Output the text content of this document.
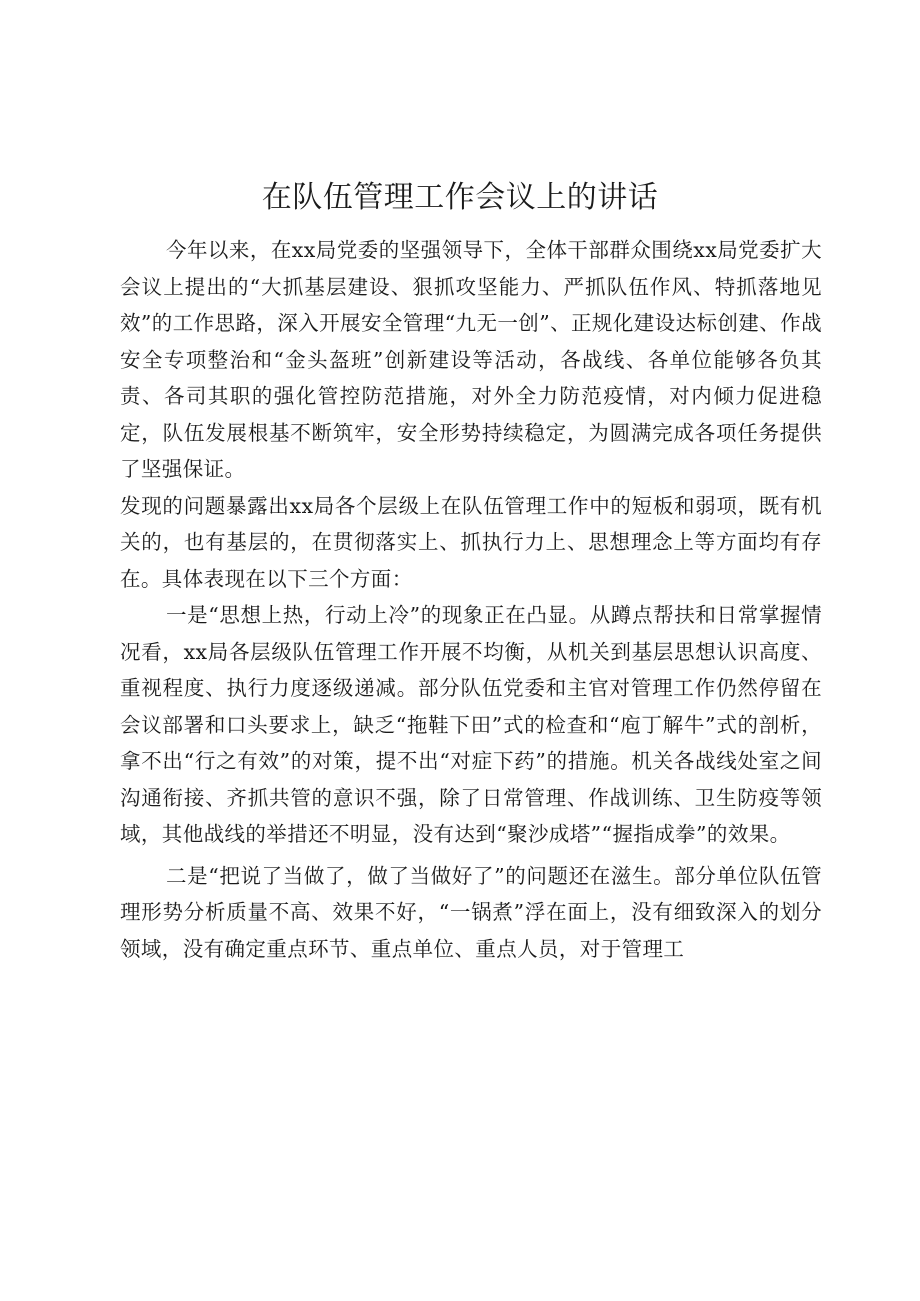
在队伍管理工作会议上的讲话

今年以来，在xx局党委的坚强领导下，全体干部群众围绕xx局党委扩大会议上提出的“大抓基层建设、狠抓攻坚能力、严抓队伍作风、特抓落地见效”的工作思路，深入开展安全管理“九无一创”、正规化建设达标创建、作战安全专项整治和“金头盔班”创新建设等活动，各战线、各单位能够各负其责、各司其职的强化管控防范措施，对外全力防范疫情，对内倾力促进稳定，队伍发展根基不断筑牢，安全形势持续稳定，为圆满完成各项任务提供了坚强保证。

发现的问题暴露出xx局各个层级上在队伍管理工作中的短板和弱项，既有机关的，也有基层的，在贯彻落实上、抓执行力上、思想理念上等方面均有存在。具体表现在以下三个方面：

一是“思想上热，行动上冷”的现象正在凸显。从蹲点帮扶和日常掌握情况看，xx局各层级队伍管理工作开展不均衡，从机关到基层思想认识高度、重视程度、执行力度逐级递减。部分队伍党委和主官对管理工作仍然停留在会议部署和口头要求上，缺乏“拖鞋下田”式的检查和“庖丁解牛”式的剖析，拿不出“行之有效”的对策，提不出“对症下药”的措施。机关各战线处室之间沟通衔接、齐抓共管的意识不强，除了日常管理、作战训练、卫生防疫等领域，其他战线的举措还不明显，没有达到“聚沙成塔”“握指成拳”的效果。

二是“把说了当做了，做了当做好了”的问题还在滋生。部分单位队伍管理形势分析质量不高、效果不好，“一锅煮”浮在面上，没有细致深入的划分领域，没有确定重点环节、重点单位、重点人员，对于管理工
